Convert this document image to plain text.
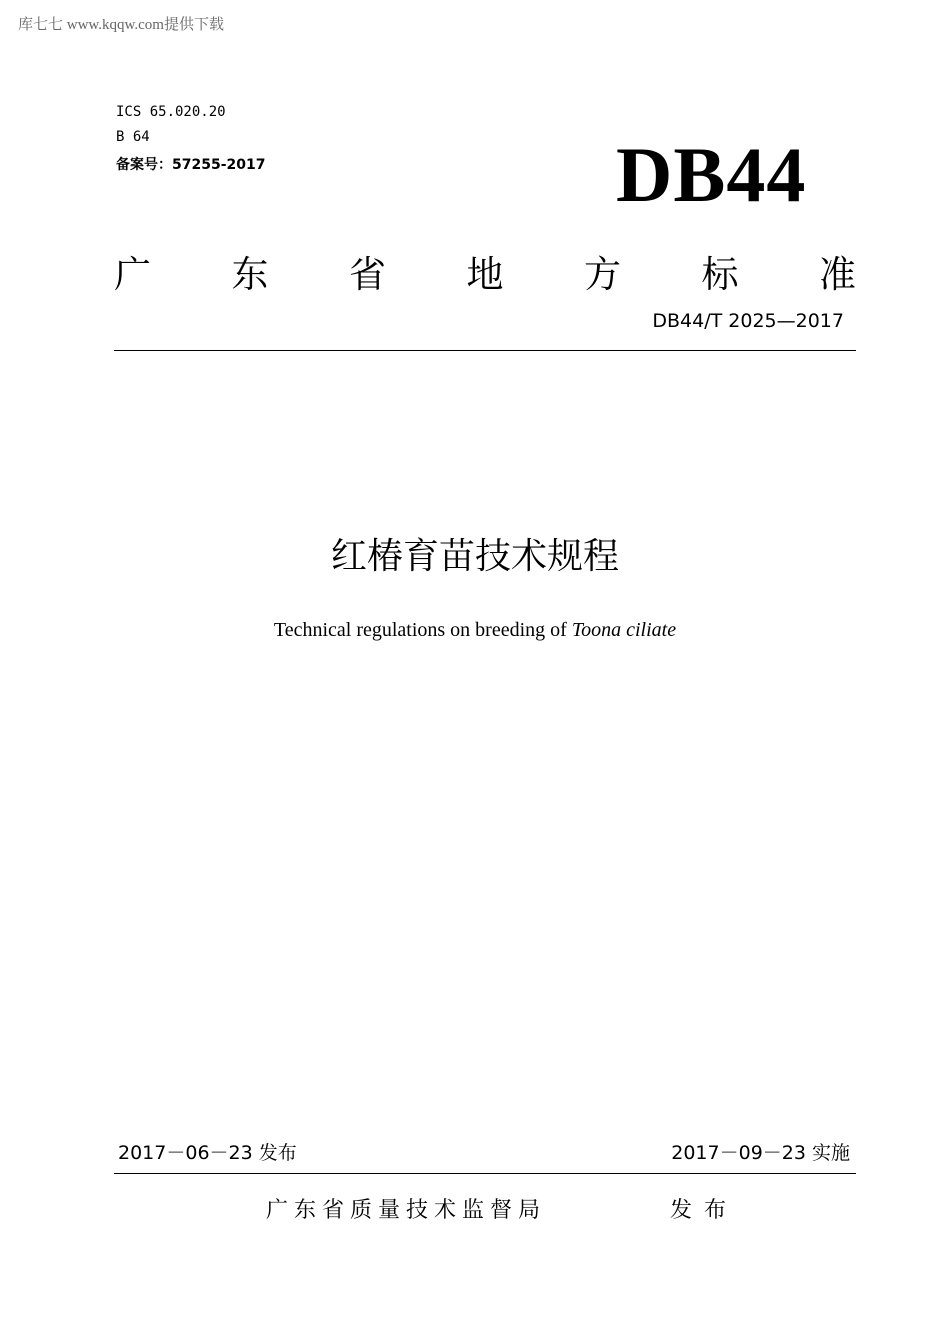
库七七 www.kqqw.com提供下载
ICS 65.020.20
B 64
备案号：57255-2017	DB44
广 东 省 地 方 标 准
DB44/T 2025—2017
红椿育苗技术规程
Technical regulations on breeding of Toona ciliate
2017－06－23 发布	2017－09－23 实施
广东省质量技术监督局	发布
